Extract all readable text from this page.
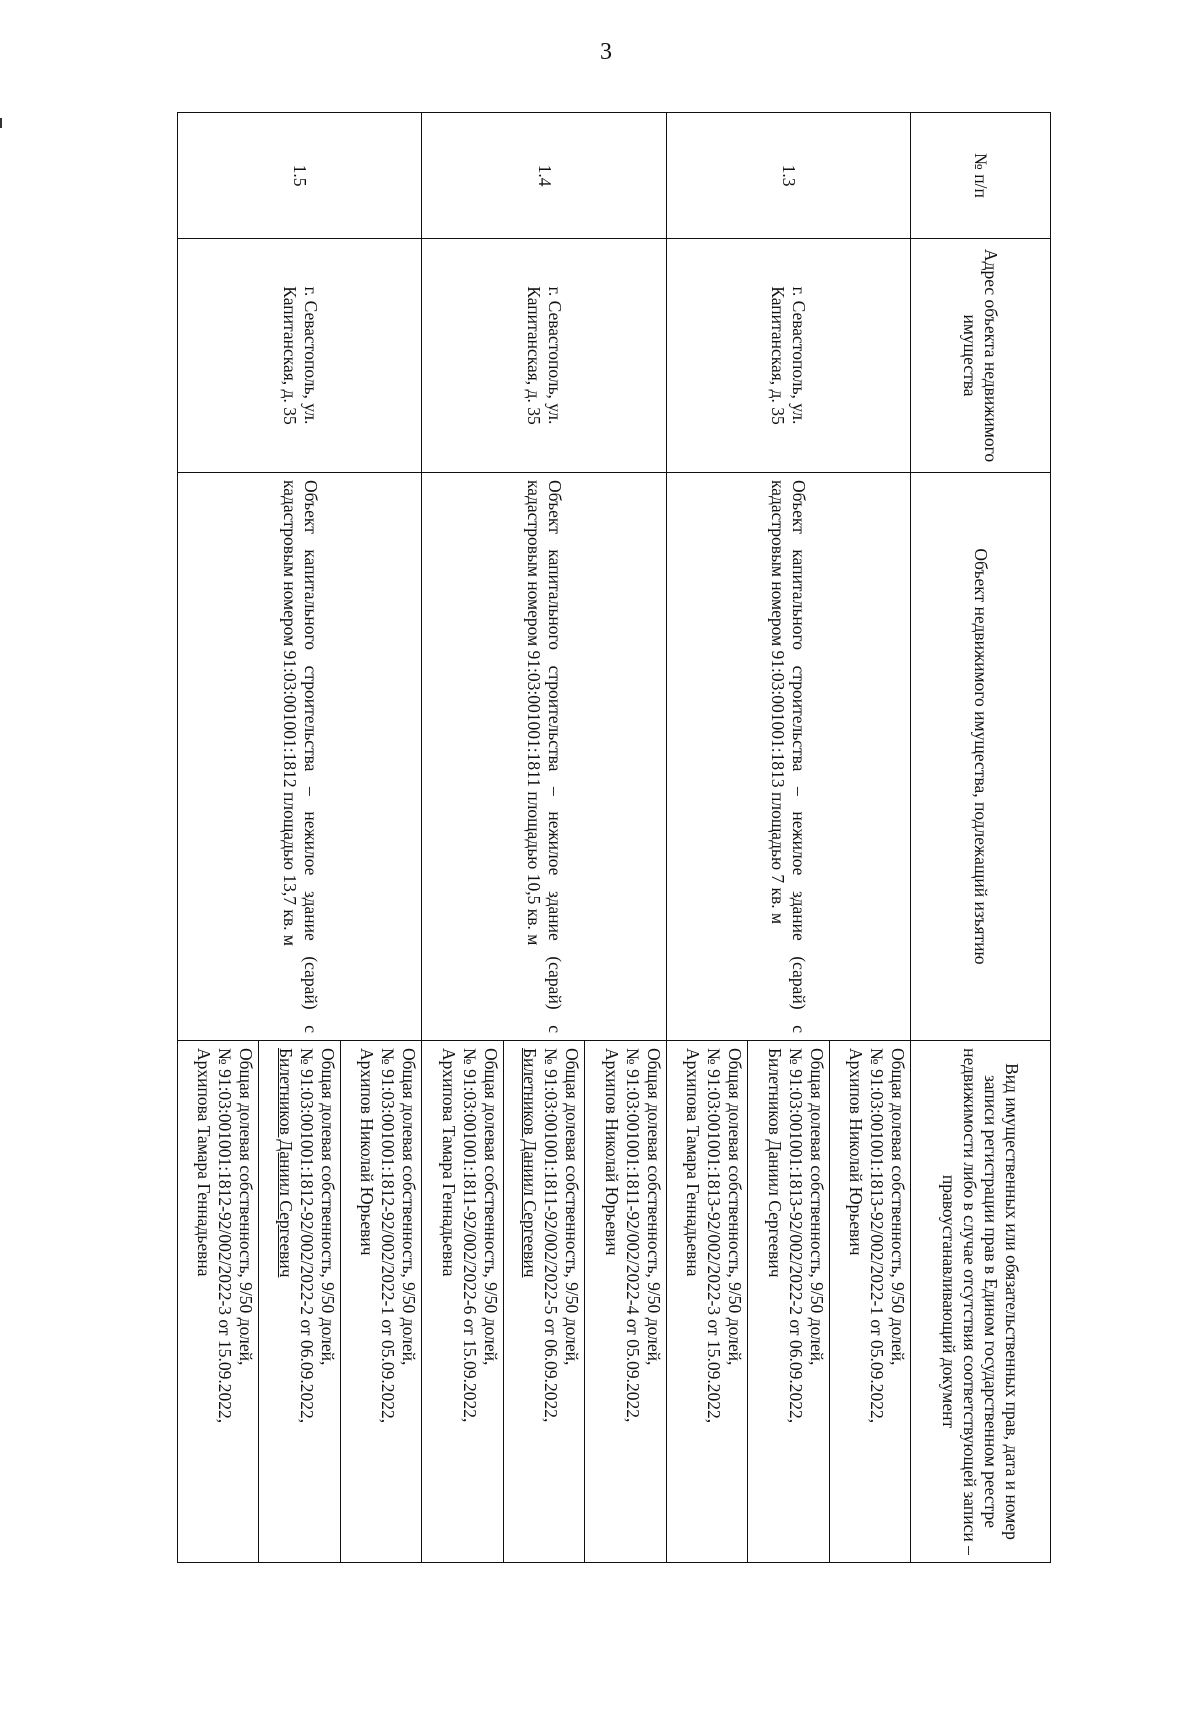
3
№ п/п	Адрес объекта недвижимого имущества	Объект недвижимого имущества, подлежащий изъятию	Вид имущественных или обязательственных прав, дата и номер записи регистрации прав в Едином государственном реестре недвижимости либо в случае отсутствия соответствующей записи – правоустанавливающий документ
1.3	г. Севастополь, ул. Капитанская, д. 35	Объект капитального строительства – нежилое здание (сарай) с кадастровым номером 91:03:001001:1813 площадью 7 кв. м	Общая долевая собственность, 9/50 долей,
№ 91:03:001001:1813-92/002/2022-1 от 05.09.2022,
Архипов Николай Юрьевич

			Общая долевая собственность, 9/50 долей,
№ 91:03:001001:1813-92/002/2022-2 от 06.09.2022,
Билетников Даниил Сергеевич

			Общая долевая собственность, 9/50 долей,
№ 91:03:001001:1813-92/002/2022-3 от 15.09.2022,
Архипова Тамара Геннадьевна

1.4	г. Севастополь, ул. Капитанская, д. 35	Объект капитального строительства – нежилое здание (сарай) с кадастровым номером 91:03:001001:1811 площадью 10,5 кв. м	Общая долевая собственность, 9/50 долей,
№ 91:03:001001:1811-92/002/2022-4 от 05.09.2022,
Архипов Николай Юрьевич

			Общая долевая собственность, 9/50 долей,
№ 91:03:001001:1811-92/002/2022-5 от 06.09.2022,
Билетников Даниил Сергеевич

			Общая долевая собственность, 9/50 долей,
№ 91:03:001001:1811-92/002/2022-6 от 15.09.2022,
Архипова Тамара Геннадьевна

1.5	г. Севастополь, ул. Капитанская, д. 35	Объект капитального строительства – нежилое здание (сарай) с кадастровым номером 91:03:001001:1812 площадью 13,7 кв. м	Общая долевая собственность, 9/50 долей,
№ 91:03:001001:1812-92/002/2022-1 от 05.09.2022,
Архипов Николай Юрьевич

			Общая долевая собственность, 9/50 долей,
№ 91:03:001001:1812-92/002/2022-2 от 06.09.2022,
Билетников Даниил Сергеевич

			Общая долевая собственность, 9/50 долей,
№ 91:03:001001:1812-92/002/2022-3 от 15.09.2022,
Архипова Тамара Геннадьевна
